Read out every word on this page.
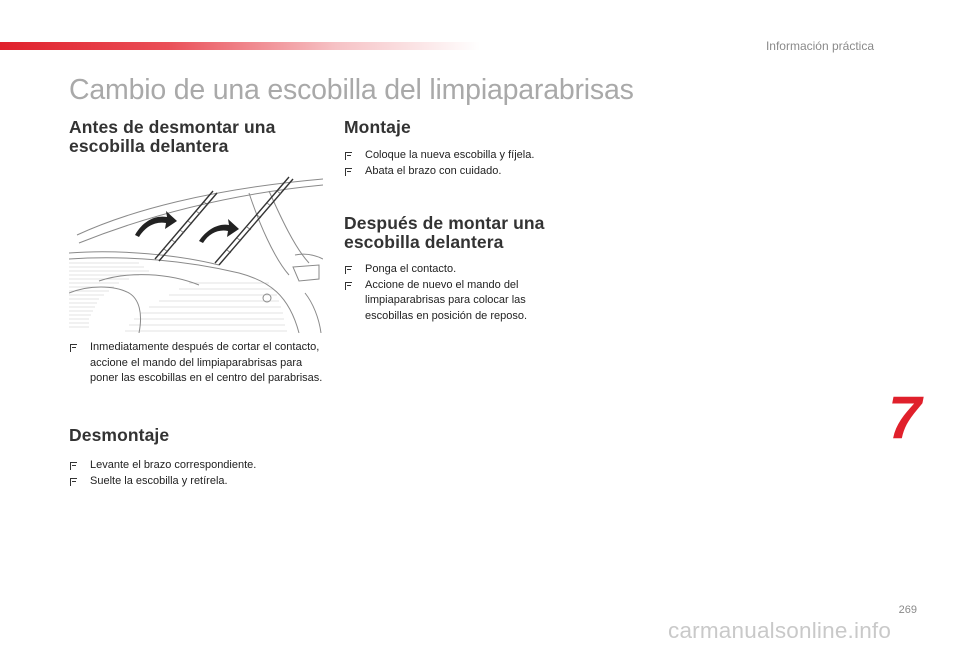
Información práctica
Cambio de una escobilla del limpiaparabrisas
Antes de desmontar una escobilla delantera
Inmediatamente después de cortar el contacto, accione el mando del limpiaparabrisas para poner las escobillas en el centro del parabrisas.
Desmontaje
Levante el brazo correspondiente.
Suelte la escobilla y retírela.
Montaje
Coloque la nueva escobilla y fíjela.
Abata el brazo con cuidado.
Después de montar una escobilla delantera
Ponga el contacto.
Accione de nuevo el mando del limpiaparabrisas para colocar las escobillas en posición de reposo.
7
269
carmanualsonline.info
